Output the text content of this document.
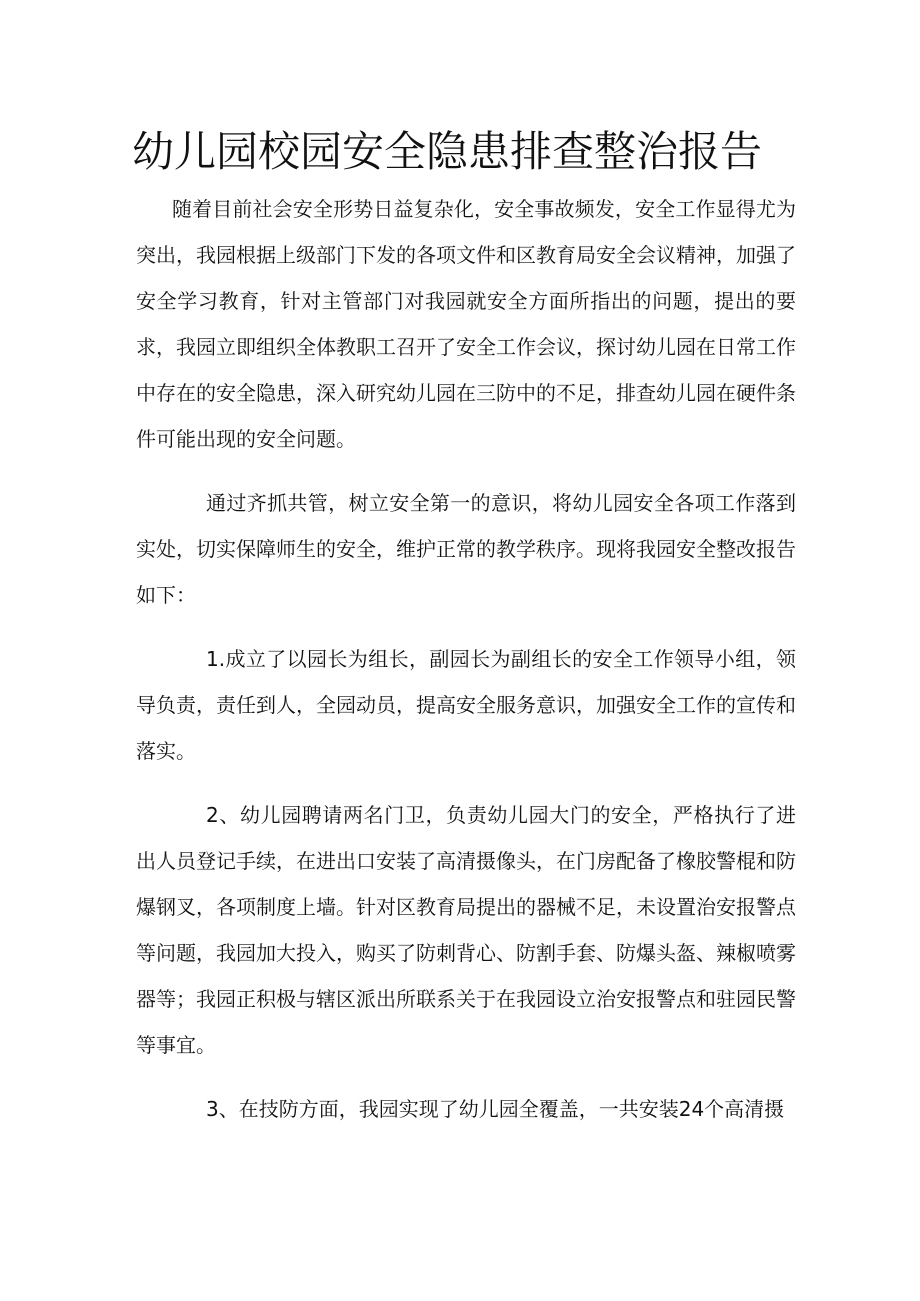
幼儿园校园安全隐患排查整治报告

随着目前社会安全形势日益复杂化，安全事故频发，安全工作显得尤为突出，我园根据上级部门下发的各项文件和区教育局安全会议精神，加强了安全学习教育，针对主管部门对我园就安全方面所指出的问题，提出的要求，我园立即组织全体教职工召开了安全工作会议，探讨幼儿园在日常工作中存在的安全隐患，深入研究幼儿园在三防中的不足，排查幼儿园在硬件条件可能出现的安全问题。

通过齐抓共管，树立安全第一的意识，将幼儿园安全各项工作落到实处，切实保障师生的安全，维护正常的教学秩序。现将我园安全整改报告如下：

1.成立了以园长为组长，副园长为副组长的安全工作领导小组，领导负责，责任到人，全园动员，提高安全服务意识，加强安全工作的宣传和落实。

2、幼儿园聘请两名门卫，负责幼儿园大门的安全，严格执行了进出人员登记手续，在进出口安装了高清摄像头，在门房配备了橡胶警棍和防爆钢叉，各项制度上墙。针对区教育局提出的器械不足，未设置治安报警点等问题，我园加大投入，购买了防刺背心、防割手套、防爆头盔、辣椒喷雾器等；我园正积极与辖区派出所联系关于在我园设立治安报警点和驻园民警等事宜。

3、在技防方面，我园实现了幼儿园全覆盖，一共安装24个高清摄
